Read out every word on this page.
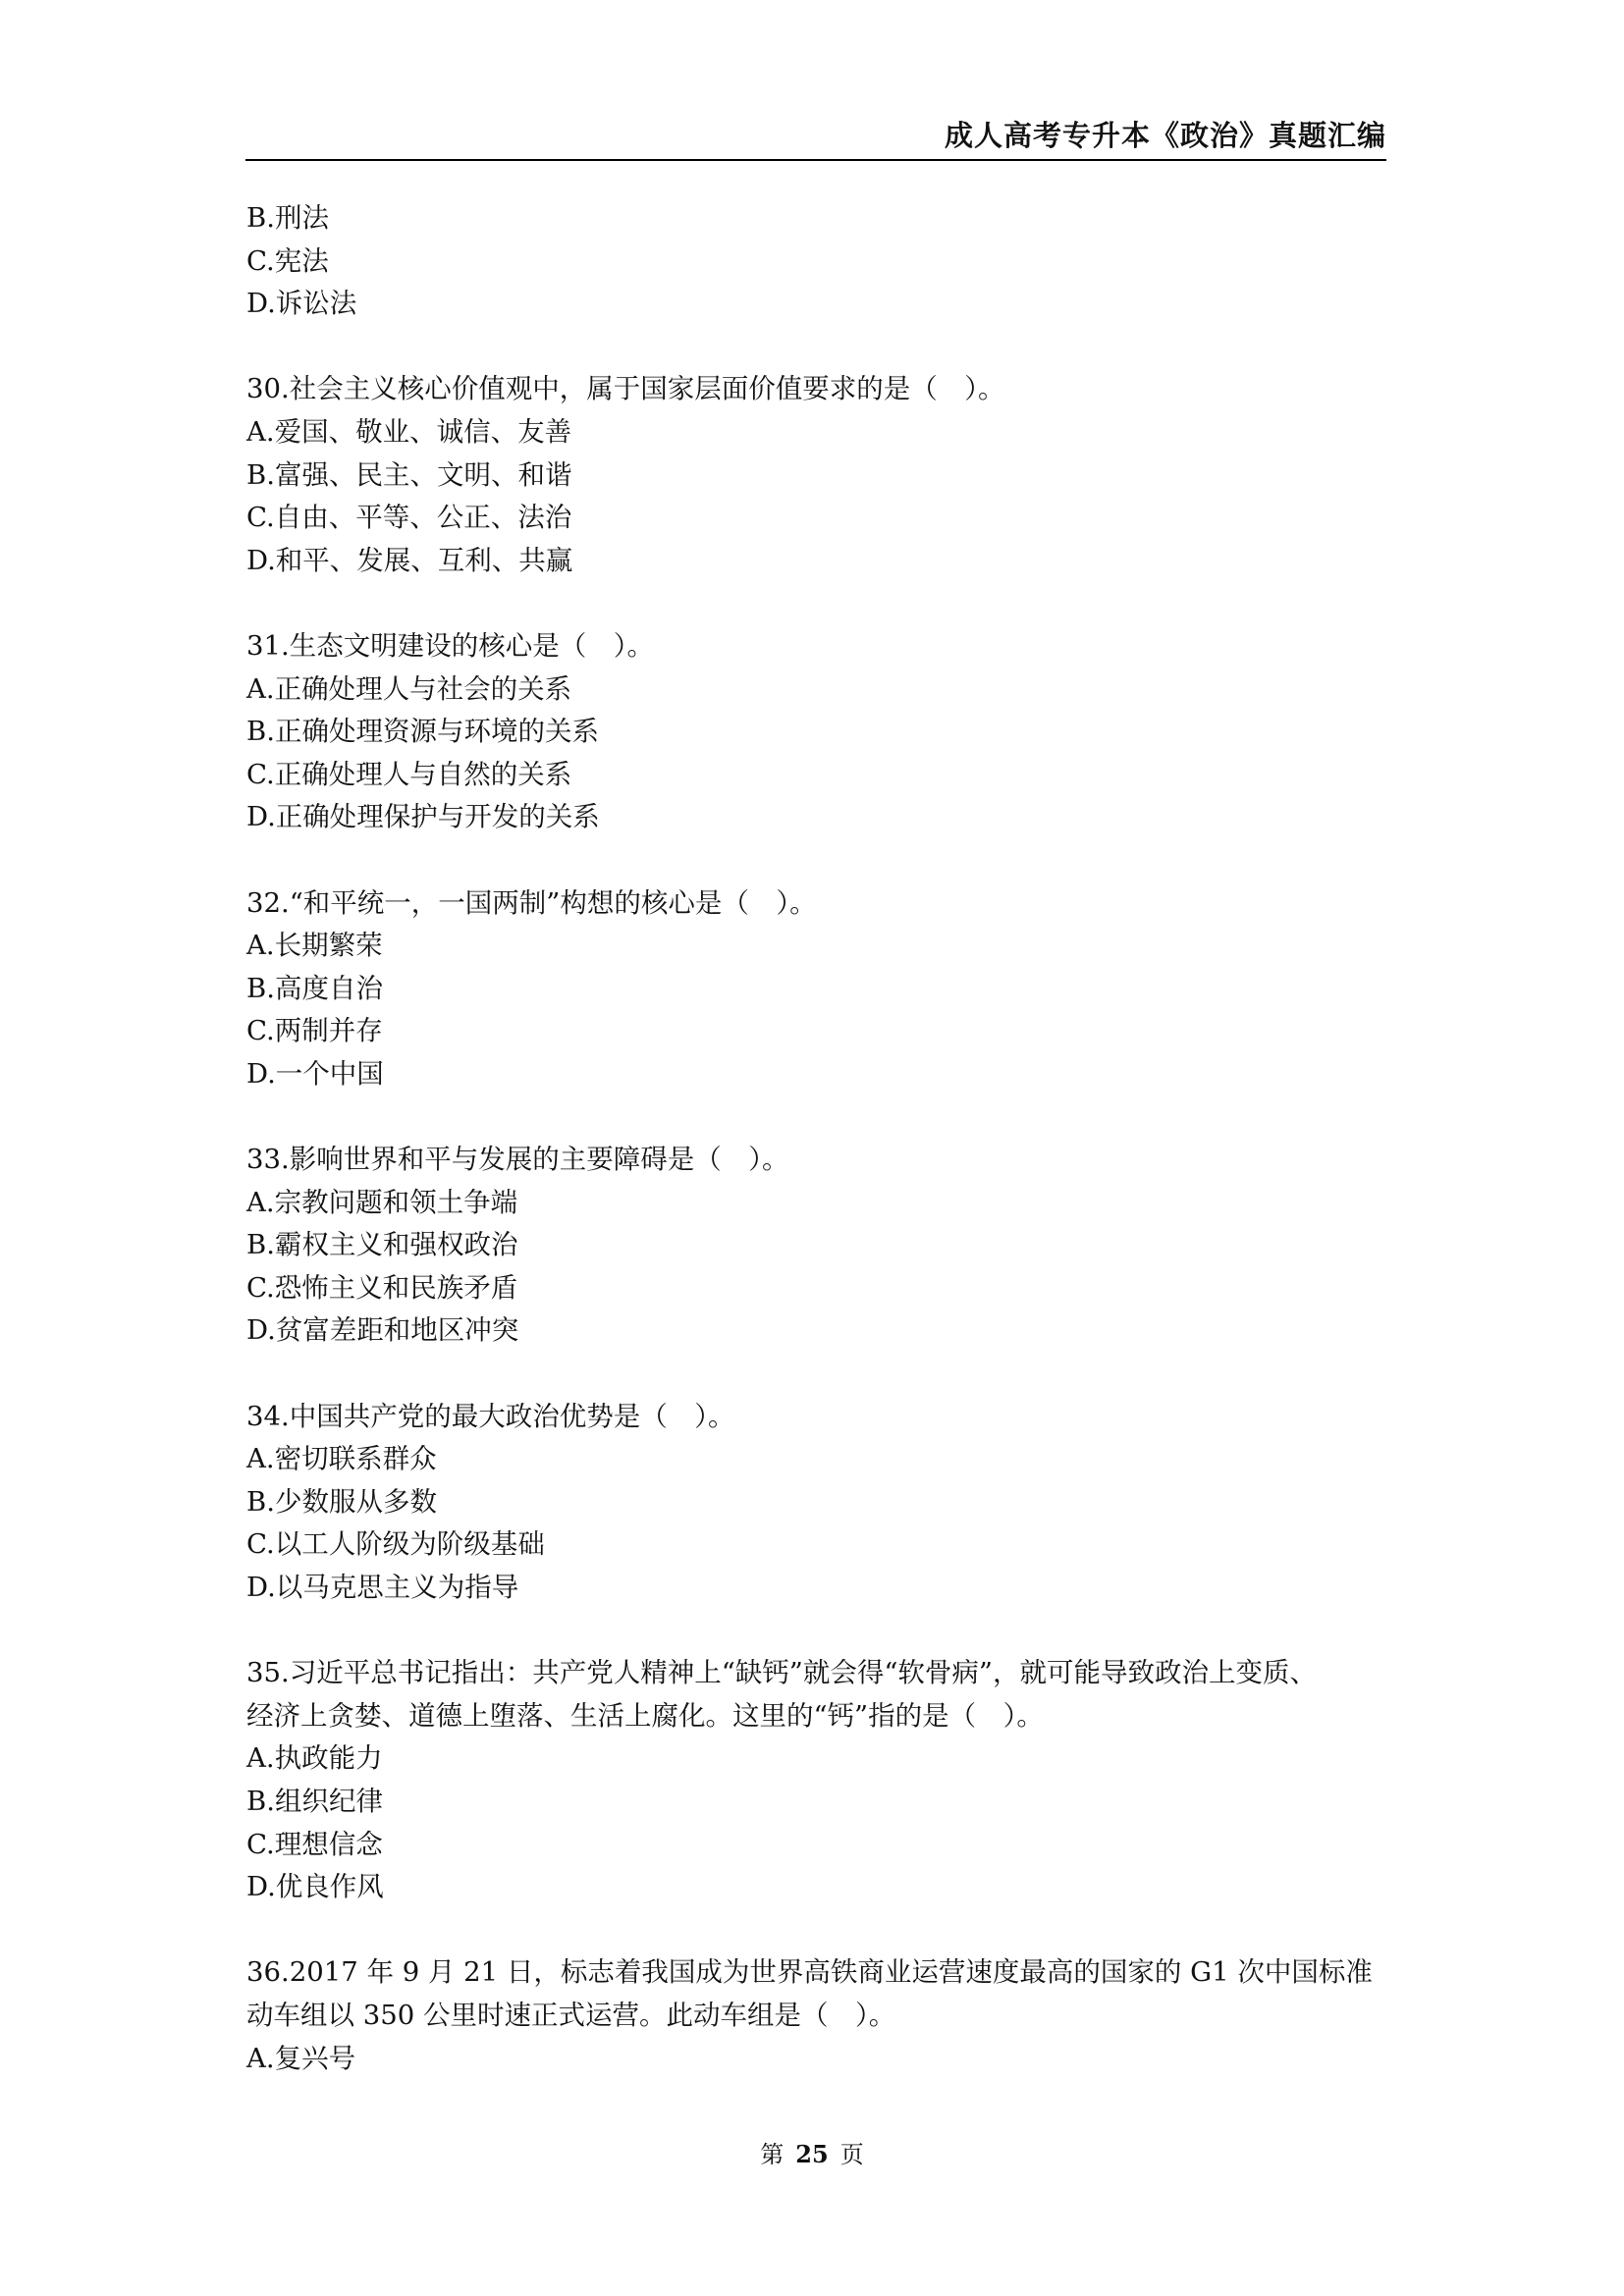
成人高考专升本《政治》真题汇编
B.刑法
C.宪法
D.诉讼法
30.社会主义核心价值观中，属于国家层面价值要求的是（　）。
A.爱国、敬业、诚信、友善
B.富强、民主、文明、和谐
C.自由、平等、公正、法治
D.和平、发展、互利、共赢
31.生态文明建设的核心是（　）。
A.正确处理人与社会的关系
B.正确处理资源与环境的关系
C.正确处理人与自然的关系
D.正确处理保护与开发的关系
32.“和平统一，一国两制”构想的核心是（　）。
A.长期繁荣
B.高度自治
C.两制并存
D.一个中国
33.影响世界和平与发展的主要障碍是（　）。
A.宗教问题和领土争端
B.霸权主义和强权政治
C.恐怖主义和民族矛盾
D.贫富差距和地区冲突
34.中国共产党的最大政治优势是（　）。
A.密切联系群众
B.少数服从多数
C.以工人阶级为阶级基础
D.以马克思主义为指导
35.习近平总书记指出：共产党人精神上“缺钙”就会得“软骨病”，就可能导致政治上变质、
经济上贪婪、道德上堕落、生活上腐化。这里的“钙”指的是（　）。
A.执政能力
B.组织纪律
C.理想信念
D.优良作风
36.2017 年 9 月 21 日，标志着我国成为世界高铁商业运营速度最高的国家的 G1 次中国标准
动车组以 350 公里时速正式运营。此动车组是（　）。
A.复兴号
第 25 页
